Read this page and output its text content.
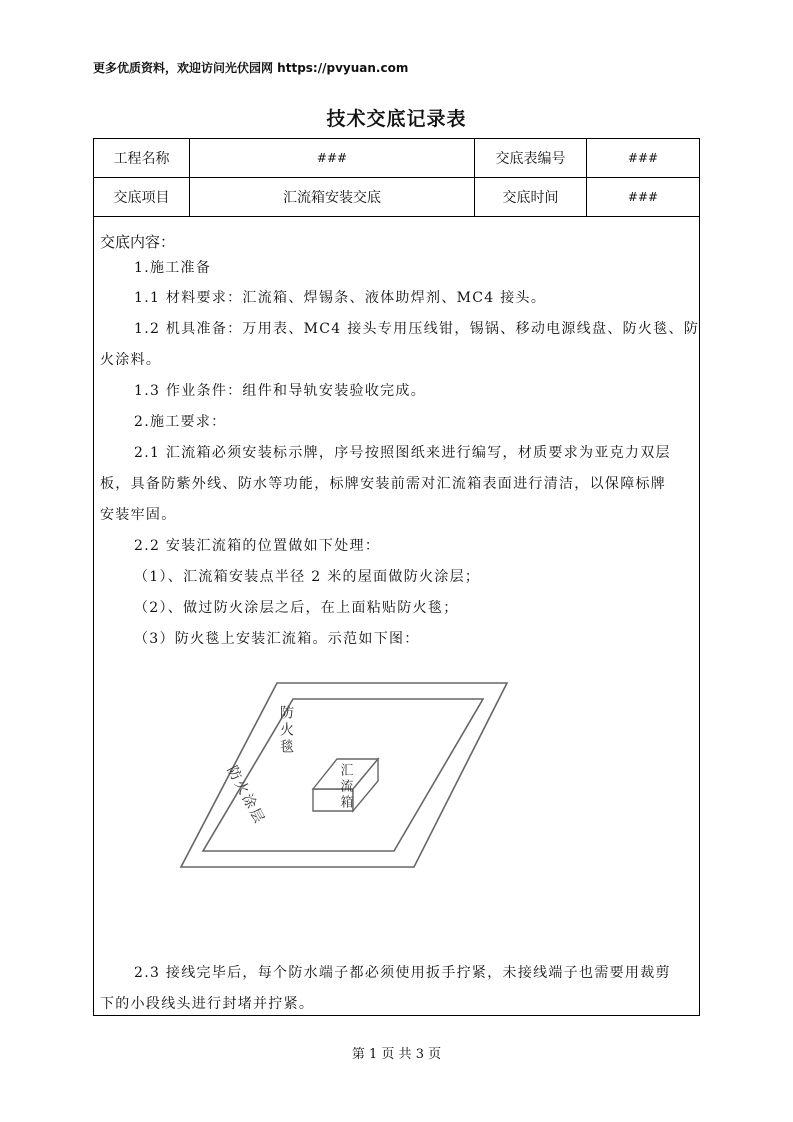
更多优质资料，欢迎访问光伏园网 https://pvyuan.com
技术交底记录表
工程名称	###	交底表编号	###
交底项目	汇流箱安装交底	交底时间	###
交底内容：
1.施工准备
1.1 材料要求：汇流箱、焊锡条、液体助焊剂、MC4 接头。
1.2 机具准备：万用表、MC4 接头专用压线钳，锡锅、移动电源线盘、防火毯、防
火涂料。
1.3 作业条件：组件和导轨安装验收完成。
2.施工要求：
2.1 汇流箱必须安装标示牌，序号按照图纸来进行编写，材质要求为亚克力双层
板，具备防紫外线、防水等功能，标牌安装前需对汇流箱表面进行清洁，以保障标牌
安装牢固。
2.2 安装汇流箱的位置做如下处理：
（1）、汇流箱安装点半径 2 米的屋面做防火涂层；
（2）、做过防火涂层之后，在上面粘贴防火毯；
（3）防火毯上安装汇流箱。示范如下图：
防火涂层
防火毯
汇流箱
2.3 接线完毕后，每个防水端子都必须使用扳手拧紧，未接线端子也需要用裁剪
下的小段线头进行封堵并拧紧。
第 1 页 共 3 页
